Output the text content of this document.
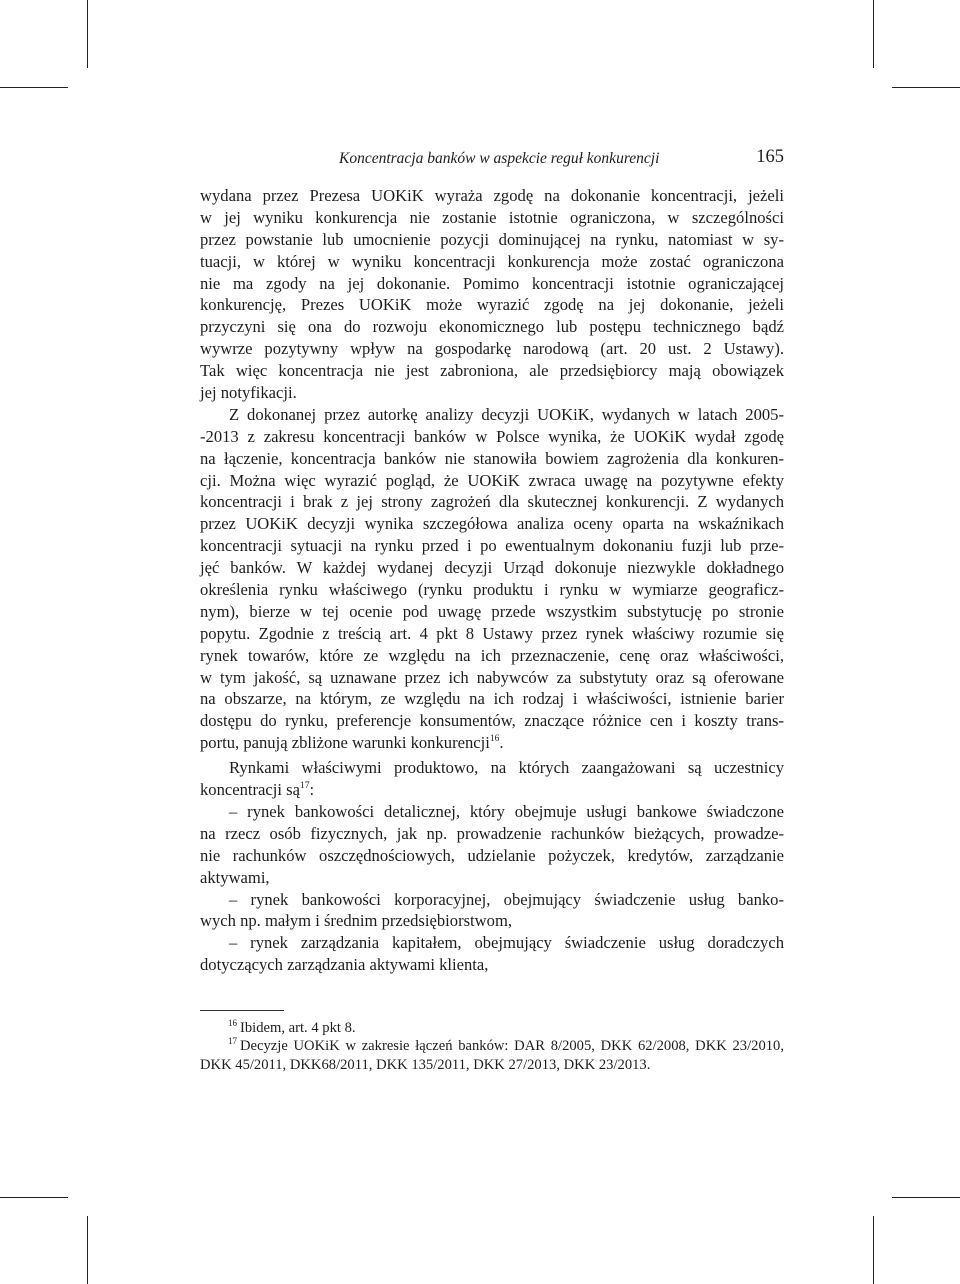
Koncentracja banków w aspekcie reguł konkurencji	165
wydana przez Prezesa UOKiK wyraża zgodę na dokonanie koncentracji, jeżeli
w jej wyniku konkurencja nie zostanie istotnie ograniczona, w szczególności
przez powstanie lub umocnienie pozycji dominującej na rynku, natomiast w sy-
tuacji, w której w wyniku koncentracji konkurencja może zostać ograniczona
nie ma zgody na jej dokonanie. Pomimo koncentracji istotnie ograniczającej
konkurencję, Prezes UOKiK może wyrazić zgodę na jej dokonanie, jeżeli
przyczyni się ona do rozwoju ekonomicznego lub postępu technicznego bądź
wywrze pozytywny wpływ na gospodarkę narodową (art. 20 ust. 2 Ustawy).
Tak więc koncentracja nie jest zabroniona, ale przedsiębiorcy mają obowiązek
jej notyfikacji.
Z dokonanej przez autorkę analizy decyzji UOKiK, wydanych w latach 2005-
-2013 z zakresu koncentracji banków w Polsce wynika, że UOKiK wydał zgodę
na łączenie, koncentracja banków nie stanowiła bowiem zagrożenia dla konkuren-
cji. Można więc wyrazić pogląd, że UOKiK zwraca uwagę na pozytywne efekty
koncentracji i brak z jej strony zagrożeń dla skutecznej konkurencji. Z wydanych
przez UOKiK decyzji wynika szczegółowa analiza oceny oparta na wskaźnikach
koncentracji sytuacji na rynku przed i po ewentualnym dokonaniu fuzji lub prze-
jęć banków. W każdej wydanej decyzji Urząd dokonuje niezwykle dokładnego
określenia rynku właściwego (rynku produktu i rynku w wymiarze geograficz-
nym), bierze w tej ocenie pod uwagę przede wszystkim substytucję po stronie
popytu. Zgodnie z treścią art. 4 pkt 8 Ustawy przez rynek właściwy rozumie się
rynek towarów, które ze względu na ich przeznaczenie, cenę oraz właściwości,
w tym jakość, są uznawane przez ich nabywców za substytuty oraz są oferowane
na obszarze, na którym, ze względu na ich rodzaj i właściwości, istnienie barier
dostępu do rynku, preferencje konsumentów, znaczące różnice cen i koszty trans-
portu, panują zbliżone warunki konkurencji$^{16}$.
Rynkami właściwymi produktowo, na których zaangażowani są uczestnicy
koncentracji $są^{17}$:
– rynek bankowości detalicznej, który obejmuje usługi bankowe świadczone
na rzecz osób fizycznych, jak np. prowadzenie rachunków bieżących, prowadze-
nie rachunków oszczędnościowych, udzielanie pożyczek, kredytów, zarządzanie
aktywami,
– rynek bankowości korporacyjnej, obejmujący świadczenie usług banko-
wych np. małym i średnim przedsiębiorstwom,
– rynek zarządzania kapitałem, obejmujący świadczenie usług doradczych
dotyczących zarządzania aktywami klienta,
$^{16}$ Ibidem, art. 4 pkt 8.
$^{17}$ Decyzje UOKiK w zakresie łączeń banków: DAR 8/2005, DKK 62/2008, DKK 23/2010,
DKK 45/2011, DKK68/2011, DKK 135/2011, DKK 27/2013, DKK 23/2013.
